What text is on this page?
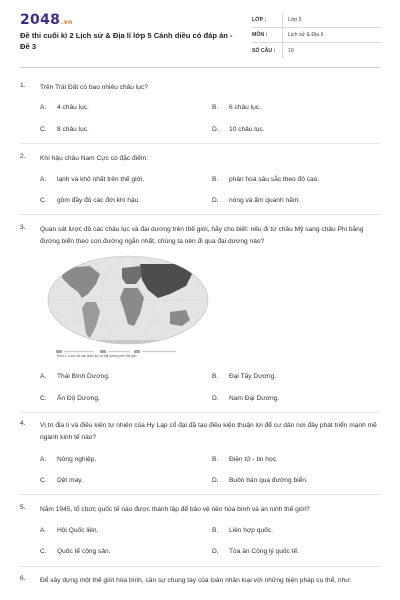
2048.vn
Đề thi cuối kì 2 Lịch sử & Địa lí lớp 5 Cánh diều có đáp án - Đề 3
LỚP :	Lớp 5
MÔN :	Lịch sử & Địa lí
SỐ CÂU :	10
1. Trên Trái Đất có bao nhiêu châu lục?
A. 4 châu lục.	B. 6 châu lục.
C. 8 châu lục.	D. 10 châu lục.
2. Khí hậu châu Nam Cực có đặc điểm:
A. lạnh và khô nhất trên thế giới.	B. phân hoá sâu sắc theo độ cao.
C. gồm đầy đủ các đới khí hậu.	D. nóng và ẩm quanh năm.
3. Quan sát lược đồ các châu lục và đại dương trên thế giới, hãy cho biết: nếu đi từ châu Mỹ sang châu Phi bằng đường biển theo con đường ngắn nhất, chúng ta nên đi qua đại dương nào?
Hình 1. Lược đồ các châu lục và đại dương trên thế giới
A. Thái Bình Dương.	B. Đại Tây Dương.
C. Ấn Độ Dương.	D. Nam Đại Dương.
4. Vị trí địa lí và điều kiện tự nhiên của Hy Lạp cổ đại đã tạo điều kiện thuận lợi để cư dân nơi đây phát triển mạnh mẽ ngành kinh tế nào?
A. Nông nghiệp.	B. Điện tử - tin học.
C. Dệt may.	D. Buôn bán qua đường biển.
5. Năm 1945, tổ chức quốc tế nào được thành lập để bảo vệ nền hòa bình và an ninh thế giới?
A. Hội Quốc liên.	B. Liên hợp quốc.
C. Quốc tế cộng sản.	D. Tòa án Công lý quốc tế.
6. Để xây dựng một thế giới hòa bình, cần sự chung tay của toàn nhân loại với những biện pháp cụ thể, như:
